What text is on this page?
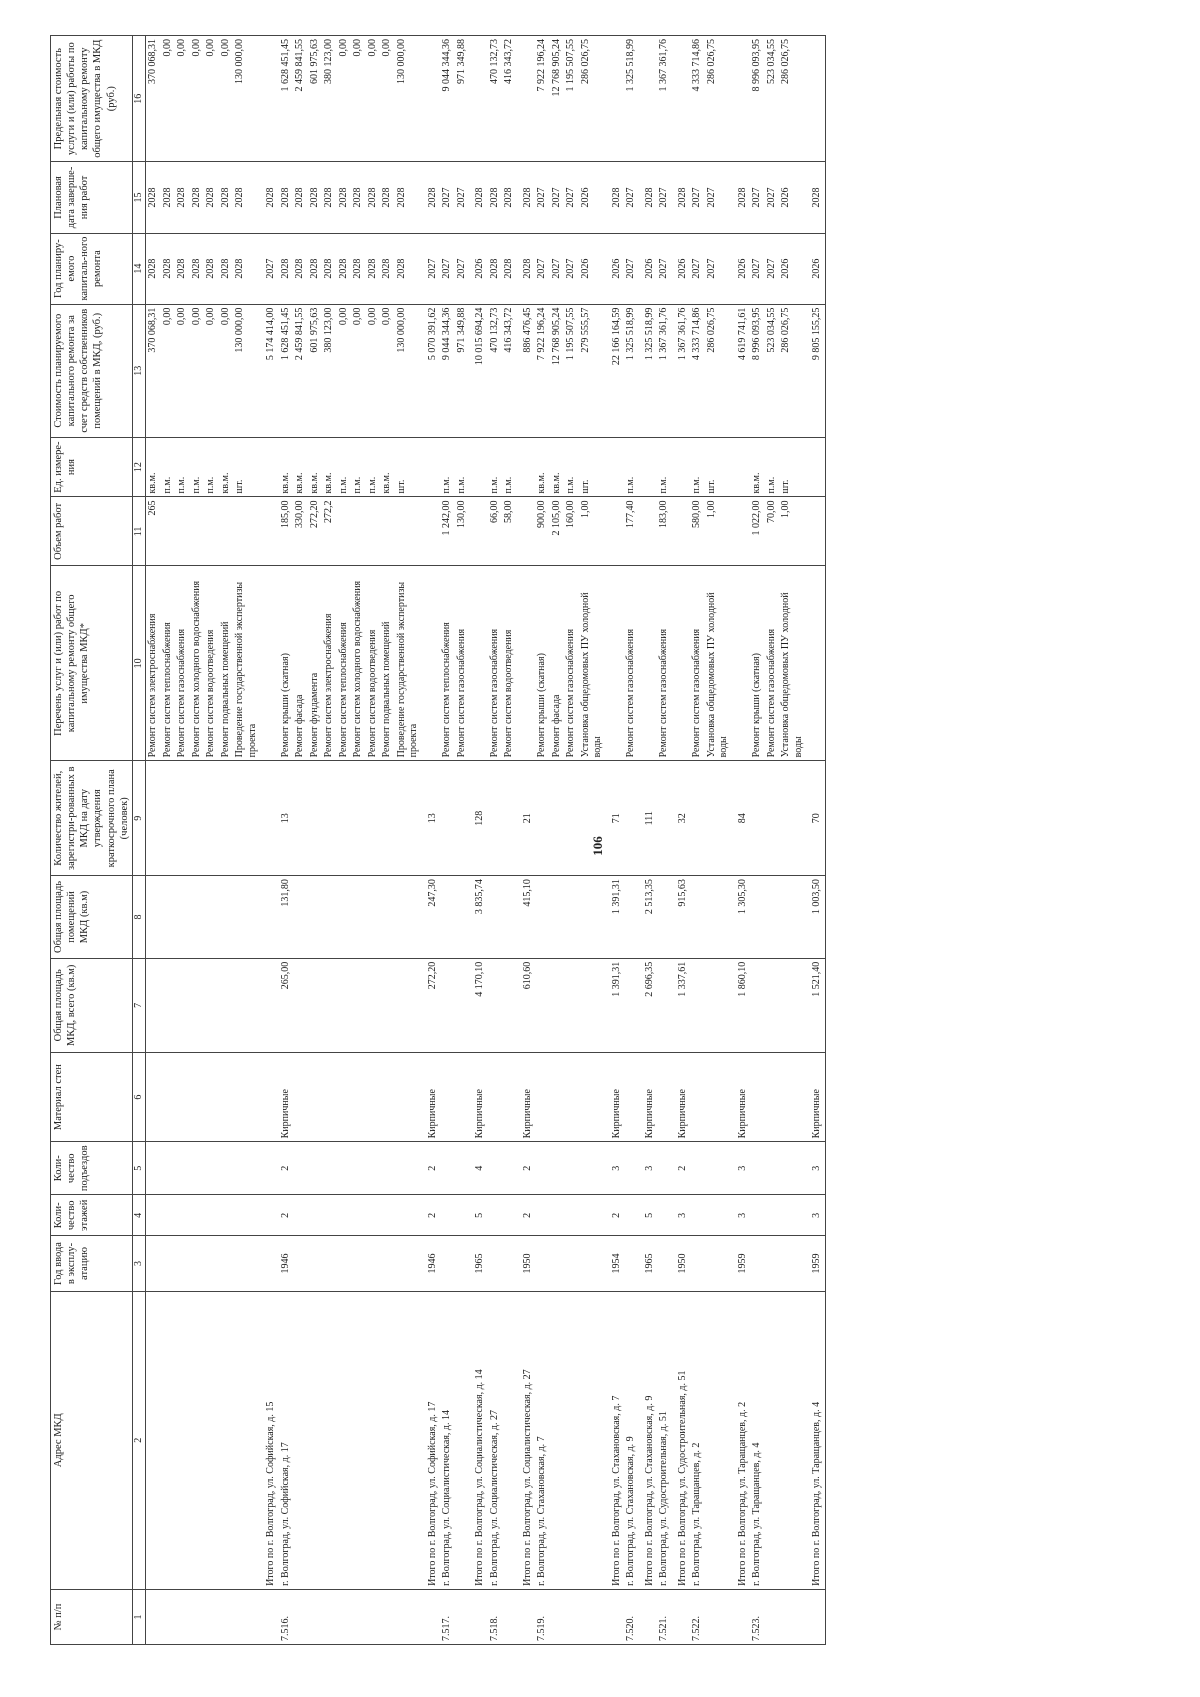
106
№ п/п	Адрес МКД	Год ввода в эксплу-атацию	Коли-чество этажей	Коли-чество подъездов	Материал стен	Общая площадь МКД, всего (кв.м)	Общая площадь помещений МКД (кв.м)	Количество жителей, зарегистри-рованных в МКД на дату утверждения краткосрочного плана (человек)	Перечень услуг и (или) работ по капитальному ремонту общего имущества МКД*	Объем работ	Ед. измере-ния	Стоимость планируемого капитального ремонта за счет средств собственников помещений в МКД, (руб.)	Год планиру-емого капиталь-ного ремонта	Плановая дата заверше-ния работ	Предельная стоимость услуги и (или) работы по капитальному ремонту общего имущества в МКД (руб.)
1	2	3	4	5	6	7	8	9	10	11	12	13	14	15	16
									Ремонт систем электроснабжения	265	кв.м.	370 068,31	2028	2028	370 068,31
									Ремонт систем теплоснабжения		п.м.	0,00	2028	2028	0,00
									Ремонт систем газоснабжения		п.м.	0,00	2028	2028	0,00
									Ремонт систем холодного водоснабжения		п.м.	0,00	2028	2028	0,00
									Ремонт систем водоотведения		п.м.	0,00	2028	2028	0,00
									Ремонт подвальных помещений		кв.м.	0,00	2028	2028	0,00
									Проведение государственной экспертизы проекта		шт.	130 000,00	2028	2028	130 000,00
	Итого по г. Волгоград, ул. Софийская, д. 15											5 174 414,00	2027	2028	
7.516.	г. Волгоград, ул. Софийская, д. 17	1946	2	2	Кирпичные	265,00	131,80	13	Ремонт крыши (скатная)	185,00	кв.м.	1 628 451,45	2028	2028	1 628 451,45
									Ремонт фасада	330,00	кв.м.	2 459 841,55	2028	2028	2 459 841,55
									Ремонт фундамента	272,20	кв.м.	601 975,63	2028	2028	601 975,63
									Ремонт систем электроснабжения	272,2	кв.м.	380 123,00	2028	2028	380 123,00
									Ремонт систем теплоснабжения		п.м.	0,00	2028	2028	0,00
									Ремонт систем холодного водоснабжения		п.м.	0,00	2028	2028	0,00
									Ремонт систем водоотведения		п.м.	0,00	2028	2028	0,00
									Ремонт подвальных помещений		кв.м.	0,00	2028	2028	0,00
									Проведение государственной экспертизы проекта		шт.	130 000,00	2028	2028	130 000,00
	Итого по г. Волгоград, ул. Софийская, д. 17	1946	2	2	Кирпичные	272,20	247,30	13				5 070 391,62	2027	2028	
7.517.	г. Волгоград, ул. Социалистическая, д. 14								Ремонт систем теплоснабжения	1 242,00	п.м.	9 044 344,36	2027	2027	9 044 344,36
									Ремонт систем газоснабжения	130,00	п.м.	971 349,88	2027	2027	971 349,88
	Итого по г. Волгоград, ул. Социалистическая, д. 14	1965	5	4	Кирпичные	4 170,10	3 835,74	128				10 015 694,24	2026	2028	
7.518.	г. Волгоград, ул. Социалистическая, д. 27								Ремонт систем газоснабжения	66,00	п.м.	470 132,73	2028	2028	470 132,73
									Ремонт систем водоотведения	58,00	п.м.	416 343,72	2028	2028	416 343,72
	Итого по г. Волгоград, ул. Социалистическая, д. 27	1950	2	2	Кирпичные	610,60	415,10	21				886 476,45	2028	2028	
7.519.	г. Волгоград, ул. Стахановская, д. 7								Ремонт крыши (скатная)	900,00	кв.м.	7 922 196,24	2027	2027	7 922 196,24
									Ремонт фасада	2 105,00	кв.м.	12 768 905,24	2027	2027	12 768 905,24
									Ремонт систем газоснабжения	160,00	п.м.	1 195 507,55	2027	2027	1 195 507,55
									Установка общедомовых ПУ холодной воды	1,00	шт.	279 555,57	2026	2026	286 026,75
	Итого по г. Волгоград, ул. Стахановская, д. 7	1954	2	3	Кирпичные	1 391,31	1 391,31	71				22 166 164,59	2026	2028	
7.520.	г. Волгоград, ул. Стахановская, д. 9								Ремонт систем газоснабжения	177,40	п.м.	1 325 518,99	2027	2027	1 325 518,99
	Итого по г. Волгоград, ул. Стахановская, д. 9	1965	5	3	Кирпичные	2 696,35	2 513,35	111				1 325 518,99	2026	2028	
7.521.	г. Волгоград, ул. Судостроительная, д. 51								Ремонт систем газоснабжения	183,00	п.м.	1 367 361,76	2027	2027	1 367 361,76
	Итого по г. Волгоград, ул. Судостроительная, д. 51	1950	3	2	Кирпичные	1 337,61	915,63	32				1 367 361,76	2026	2028	
7.522.	г. Волгоград, ул. Таращанцев, д. 2								Ремонт систем газоснабжения	580,00	п.м.	4 333 714,86	2027	2027	4 333 714,86
									Установка общедомовых ПУ холодной воды	1,00	шт.	286 026,75	2027	2027	286 026,75
	Итого по г. Волгоград, ул. Таращанцев, д. 2	1959	3	3	Кирпичные	1 860,10	1 305,30	84				4 619 741,61	2026	2028	
7.523.	г. Волгоград, ул. Таращанцев, д. 4								Ремонт крыши (скатная)	1 022,00	кв.м.	8 996 093,95	2027	2027	8 996 093,95
									Ремонт систем газоснабжения	70,00	п.м.	523 034,55	2027	2027	523 034,55
									Установка общедомовых ПУ холодной воды	1,00	шт.	286 026,75	2026	2026	286 026,75
	Итого по г. Волгоград, ул. Таращанцев, д. 4	1959	3	3	Кирпичные	1 521,40	1 003,50	70				9 805 155,25	2026	2028	
